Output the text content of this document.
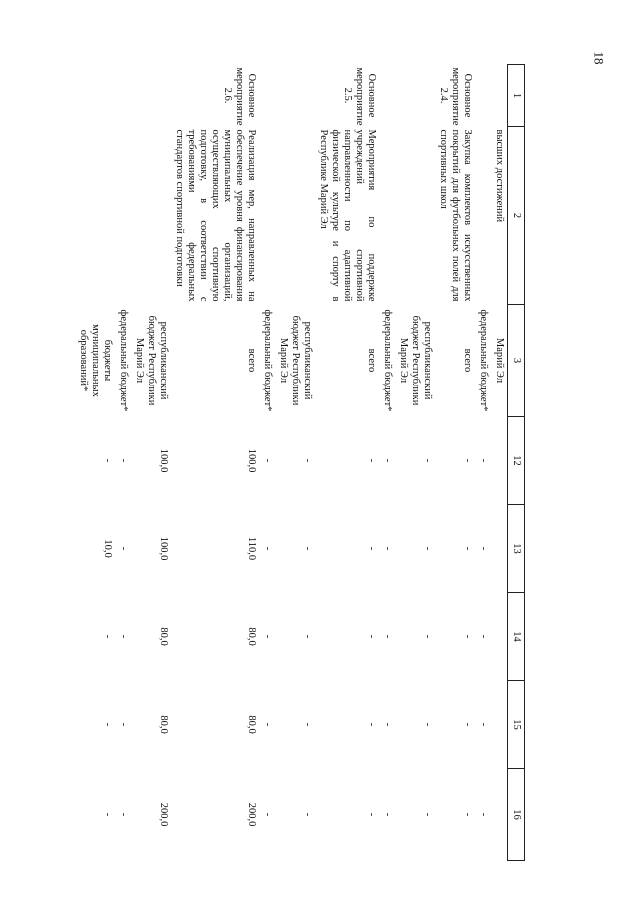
18
1	2	3	12	13	14	15	16
	высших достижений	Марий Эл					
		федеральный бюджет*	-	-	-	-	-
Основное мероприятие 2.4.	Закупка комплектов искусственных покрытий для футбольных полей для спортивных школ	всего	-	-	-	-	-
		республиканский бюджет Республики Марий Эл	-	-	-	-	-
		федеральный бюджет*	-	-	-	-	-
Основное мероприятие 2.5.	Мероприятия по поддержке учреждений спортивной направленности по адаптивной физической культуре и спорту в Республике Марий Эл	всего	-	-	-	-	-
		республиканский бюджет Республики Марий Эл	-	-	-	-	-
		федеральный бюджет*	-	-	-	-	-
Основное мероприятие 2.6.	Реализация мер, направленных на обеспечение уровня финансирования муниципальных организаций, осуществляющих спортивную подготовку, в соответствии с требованиями федеральных стандартов спортивной подготовки	всего	100,0	110,0	80,0	80,0	200,0
		республиканский бюджет Республики Марий Эл	100,0	100,0	80,0	80,0	200,0
		федеральный бюджет*	-	-	-	-	-
		бюджеты муниципальных образований*	-	10,0	-	-	-
